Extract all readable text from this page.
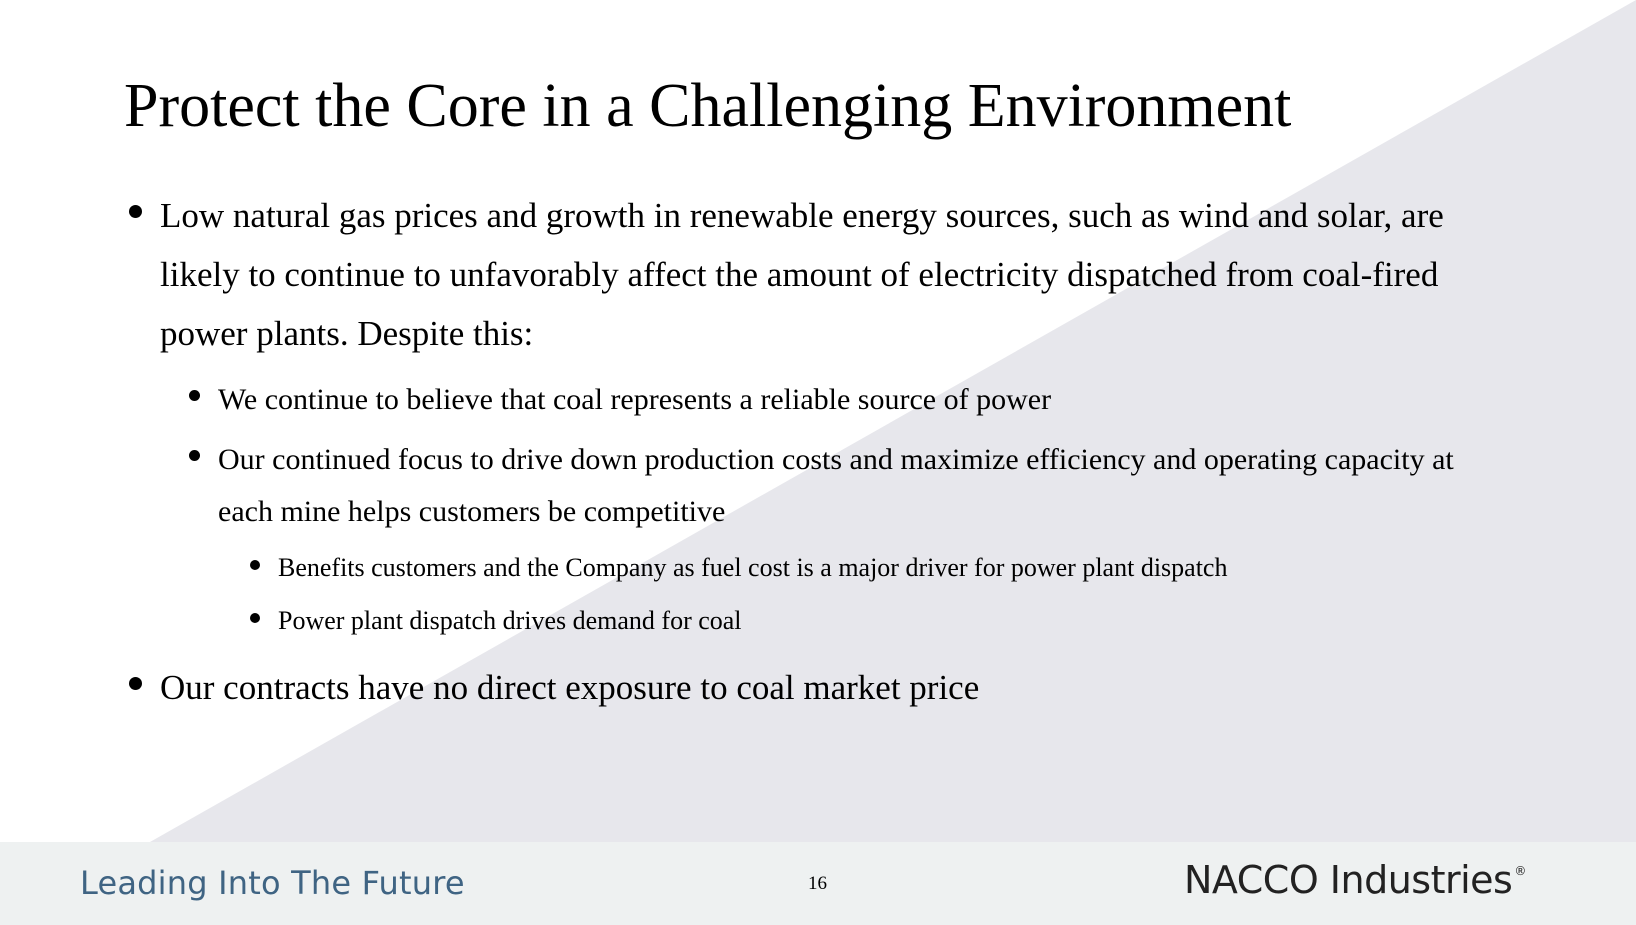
Protect the Core in a Challenging Environment

Low natural gas prices and growth in renewable energy sources, such as wind and solar, are
likely to continue to unfavorably affect the amount of electricity dispatched from coal-fired
power plants. Despite this:

We continue to believe that coal represents a reliable source of power

Our continued focus to drive down production costs and maximize efficiency and operating capacity at
each mine helps customers be competitive

Benefits customers and the Company as fuel cost is a major driver for power plant dispatch

Power plant dispatch drives demand for coal

Our contracts have no direct exposure to coal market price

Leading Into The Future	16	NACCO Industries ®
